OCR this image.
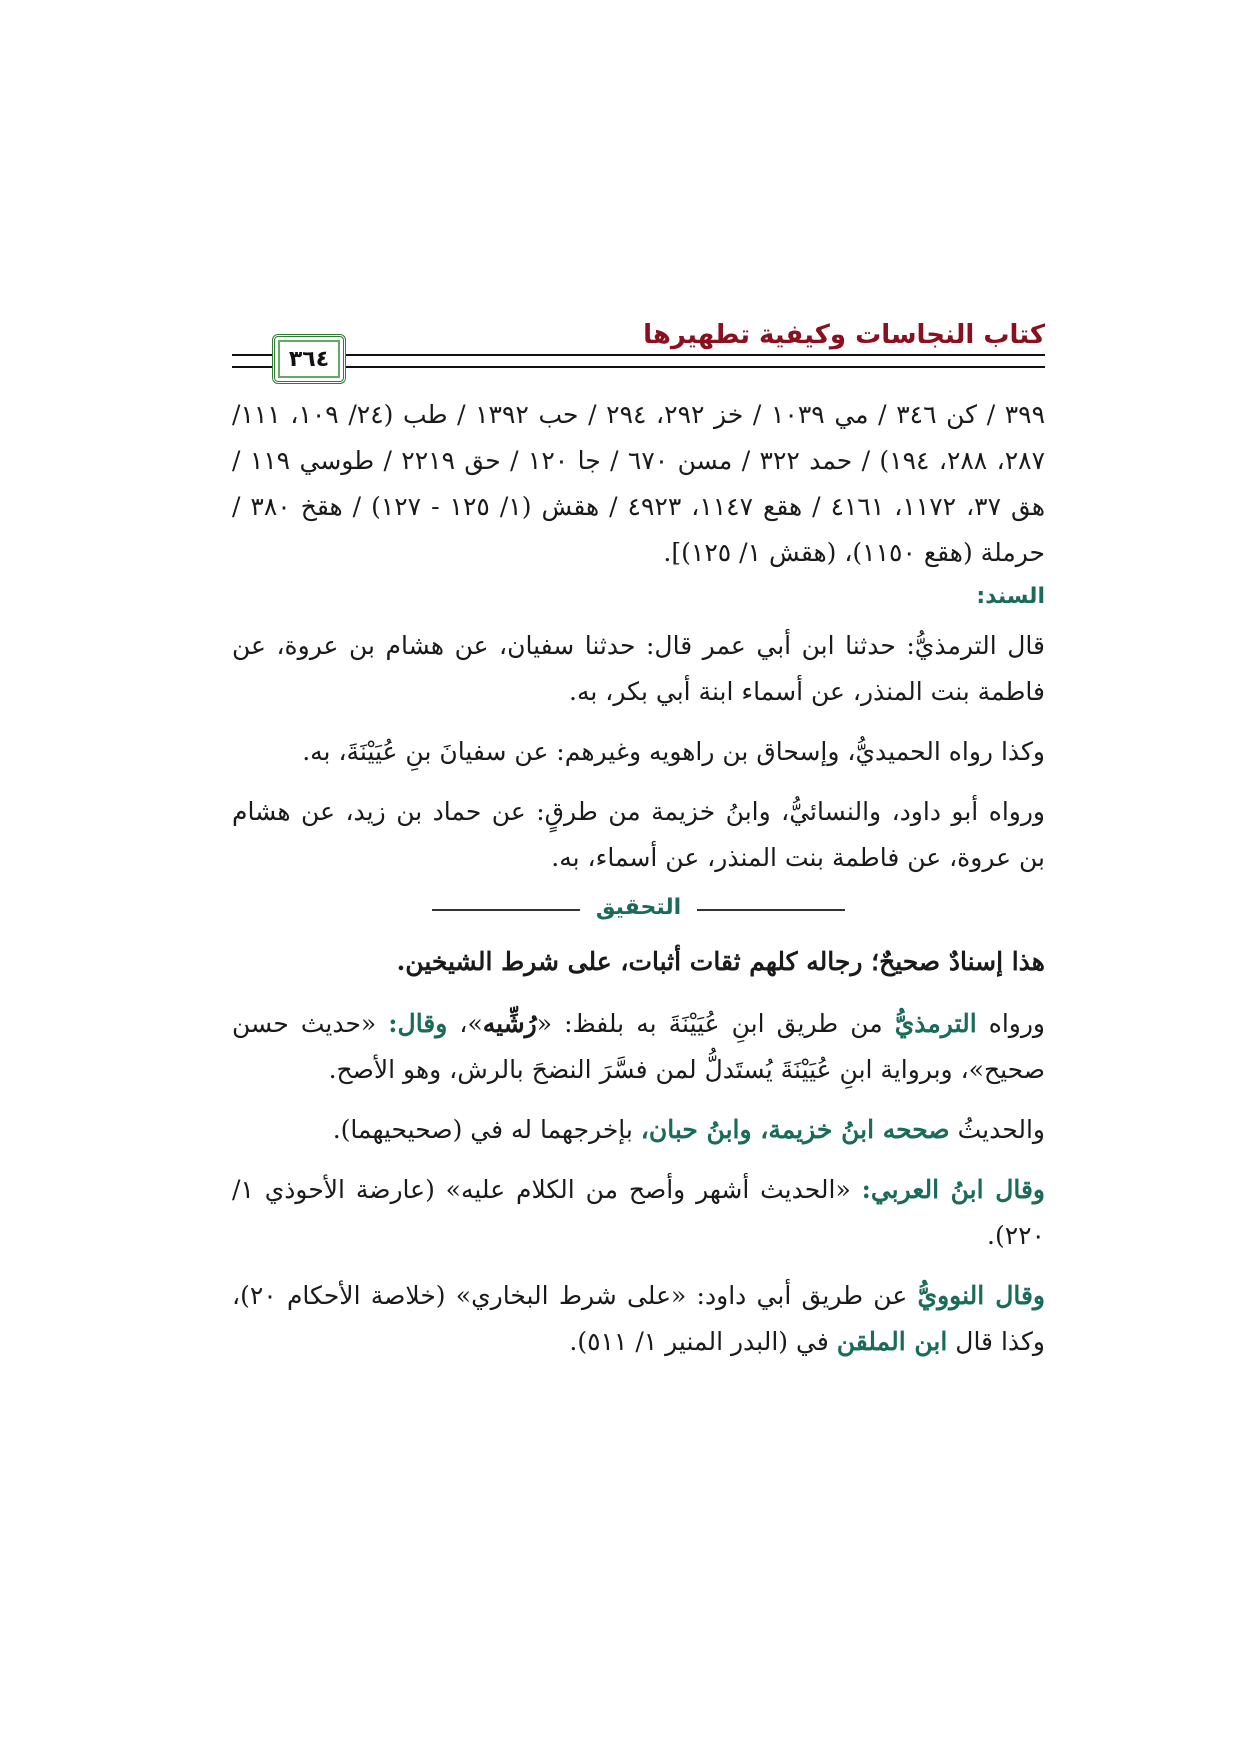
كتاب النجاسات وكيفية تطهيرها
٣٦٤

٣٩٩ / كن ٣٤٦ / مي ١٠٣٩ / خز ٢٩٢، ٢٩٤ / حب ١٣٩٢ / طب (٢٤/ ١٠٩، ١١١/ ٢٨٧، ٢٨٨، ١٩٤) / حمد ٣٢٢ / مسن ٦٧٠ / جا ١٢٠ / حق ٢٢١٩ / طوسي ١١٩ / هق ٣٧، ١١٧٢، ٤١٦١ / هقع ١١٤٧، ٤٩٢٣ / هقش (١/ ١٢٥ - ١٢٧) / هقخ ٣٨٠ / حرملة (هقع ١١٥٠)، (هقش ١/ ١٢٥)].

السند:

قال الترمذيُّ: حدثنا ابن أبي عمر قال: حدثنا سفيان، عن هشام بن عروة، عن فاطمة بنت المنذر، عن أسماء ابنة أبي بكر، به.

وكذا رواه الحميديُّ، وإسحاق بن راهويه وغيرهم: عن سفيانَ بنِ عُيَيْنَةَ، به.

ورواه أبو داود، والنسائيُّ، وابنُ خزيمة من طرقٍ: عن حماد بن زيد، عن هشام بن عروة، عن فاطمة بنت المنذر، عن أسماء، به.

التحقيق

هذا إسنادٌ صحيحٌ؛ رجاله كلهم ثقات أثبات، على شرط الشيخين.

ورواه الترمذيُّ من طريق ابنِ عُيَيْنَةَ به بلفظ: «رُشِّيه»، وقال: «حديث حسن صحيح»، وبرواية ابنِ عُيَيْنَةَ يُستَدلُّ لمن فسَّرَ النضحَ بالرش، وهو الأصح.

والحديثُ صححه ابنُ خزيمة، وابنُ حبان، بإخرجهما له في (صحيحيهما).

وقال ابنُ العربي: «الحديث أشهر وأصح من الكلام عليه» (عارضة الأحوذي ١/ ٢٢٠).

وقال النوويُّ عن طريق أبي داود: «على شرط البخاري» (خلاصة الأحكام ٢٠)، وكذا قال ابن الملقن في (البدر المنير ١/ ٥١١).
